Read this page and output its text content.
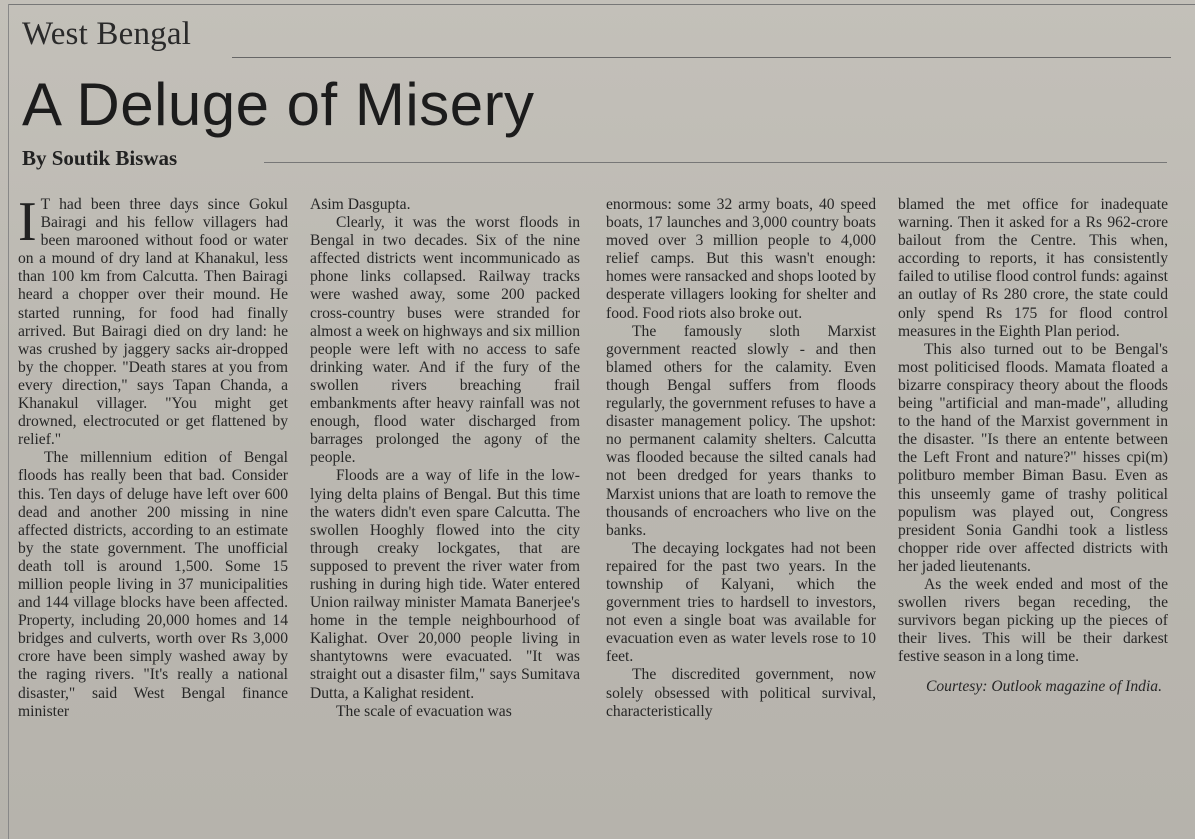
West Bengal
A Deluge of Misery
By Soutik Biswas

I T had been three days since Gokul Bairagi and his fellow villagers had been marooned without food or water on a mound of dry land at Khanakul, less than 100 km from Calcutta. Then Bairagi heard a chopper over their mound. He started running, for food had finally arrived. But Bairagi died on dry land: he was crushed by jaggery sacks air-dropped by the chopper. "Death stares at you from every direction," says Tapan Chanda, a Khanakul villager. "You might get drowned, electrocuted or get flattened by relief."

The millennium edition of Bengal floods has really been that bad. Consider this. Ten days of deluge have left over 600 dead and another 200 missing in nine affected districts, according to an estimate by the state government. The unofficial death toll is around 1,500. Some 15 million people living in 37 municipalities and 144 village blocks have been affected. Property, including 20,000 homes and 14 bridges and culverts, worth over Rs 3,000 crore have been simply washed away by the raging rivers. "It's really a national disaster," said West Bengal finance minister

Asim Dasgupta.

Clearly, it was the worst floods in Bengal in two decades. Six of the nine affected districts went incommunicado as phone links collapsed. Railway tracks were washed away, some 200 packed cross-country buses were stranded for almost a week on highways and six million people were left with no access to safe drinking water. And if the fury of the swollen rivers breaching frail embankments after heavy rainfall was not enough, flood water discharged from barrages prolonged the agony of the people.

Floods are a way of life in the low-lying delta plains of Bengal. But this time the waters didn't even spare Calcutta. The swollen Hooghly flowed into the city through creaky lockgates, that are supposed to prevent the river water from rushing in during high tide. Water entered Union railway minister Mamata Banerjee's home in the temple neighbourhood of Kalighat. Over 20,000 people living in shantytowns were evacuated. "It was straight out a disaster film," says Sumitava Dutta, a Kalighat resident.

The scale of evacuation was

enormous: some 32 army boats, 40 speed boats, 17 launches and 3,000 country boats moved over 3 million people to 4,000 relief camps. But this wasn't enough: homes were ransacked and shops looted by desperate villagers looking for shelter and food. Food riots also broke out.

The famously sloth Marxist government reacted slowly - and then blamed others for the calamity. Even though Bengal suffers from floods regularly, the government refuses to have a disaster management policy. The upshot: no permanent calamity shelters. Calcutta was flooded because the silted canals had not been dredged for years thanks to Marxist unions that are loath to remove the thousands of encroachers who live on the banks.

The decaying lockgates had not been repaired for the past two years. In the township of Kalyani, which the government tries to hardsell to investors, not even a single boat was available for evacuation even as water levels rose to 10 feet.

The discredited government, now solely obsessed with political survival, characteristically

blamed the met office for inadequate warning. Then it asked for a Rs 962-crore bailout from the Centre. This when, according to reports, it has consistently failed to utilise flood control funds: against an outlay of Rs 280 crore, the state could only spend Rs 175 for flood control measures in the Eighth Plan period.

This also turned out to be Bengal's most politicised floods. Mamata floated a bizarre conspiracy theory about the floods being "artificial and man-made", alluding to the hand of the Marxist government in the disaster. "Is there an entente between the Left Front and nature?" hisses cpi(m) politburo member Biman Basu. Even as this unseemly game of trashy political populism was played out, Congress president Sonia Gandhi took a listless chopper ride over affected districts with her jaded lieutenants.

As the week ended and most of the swollen rivers began receding, the survivors began picking up the pieces of their lives. This will be their darkest festive season in a long time.

Courtesy: Outlook magazine of India.
